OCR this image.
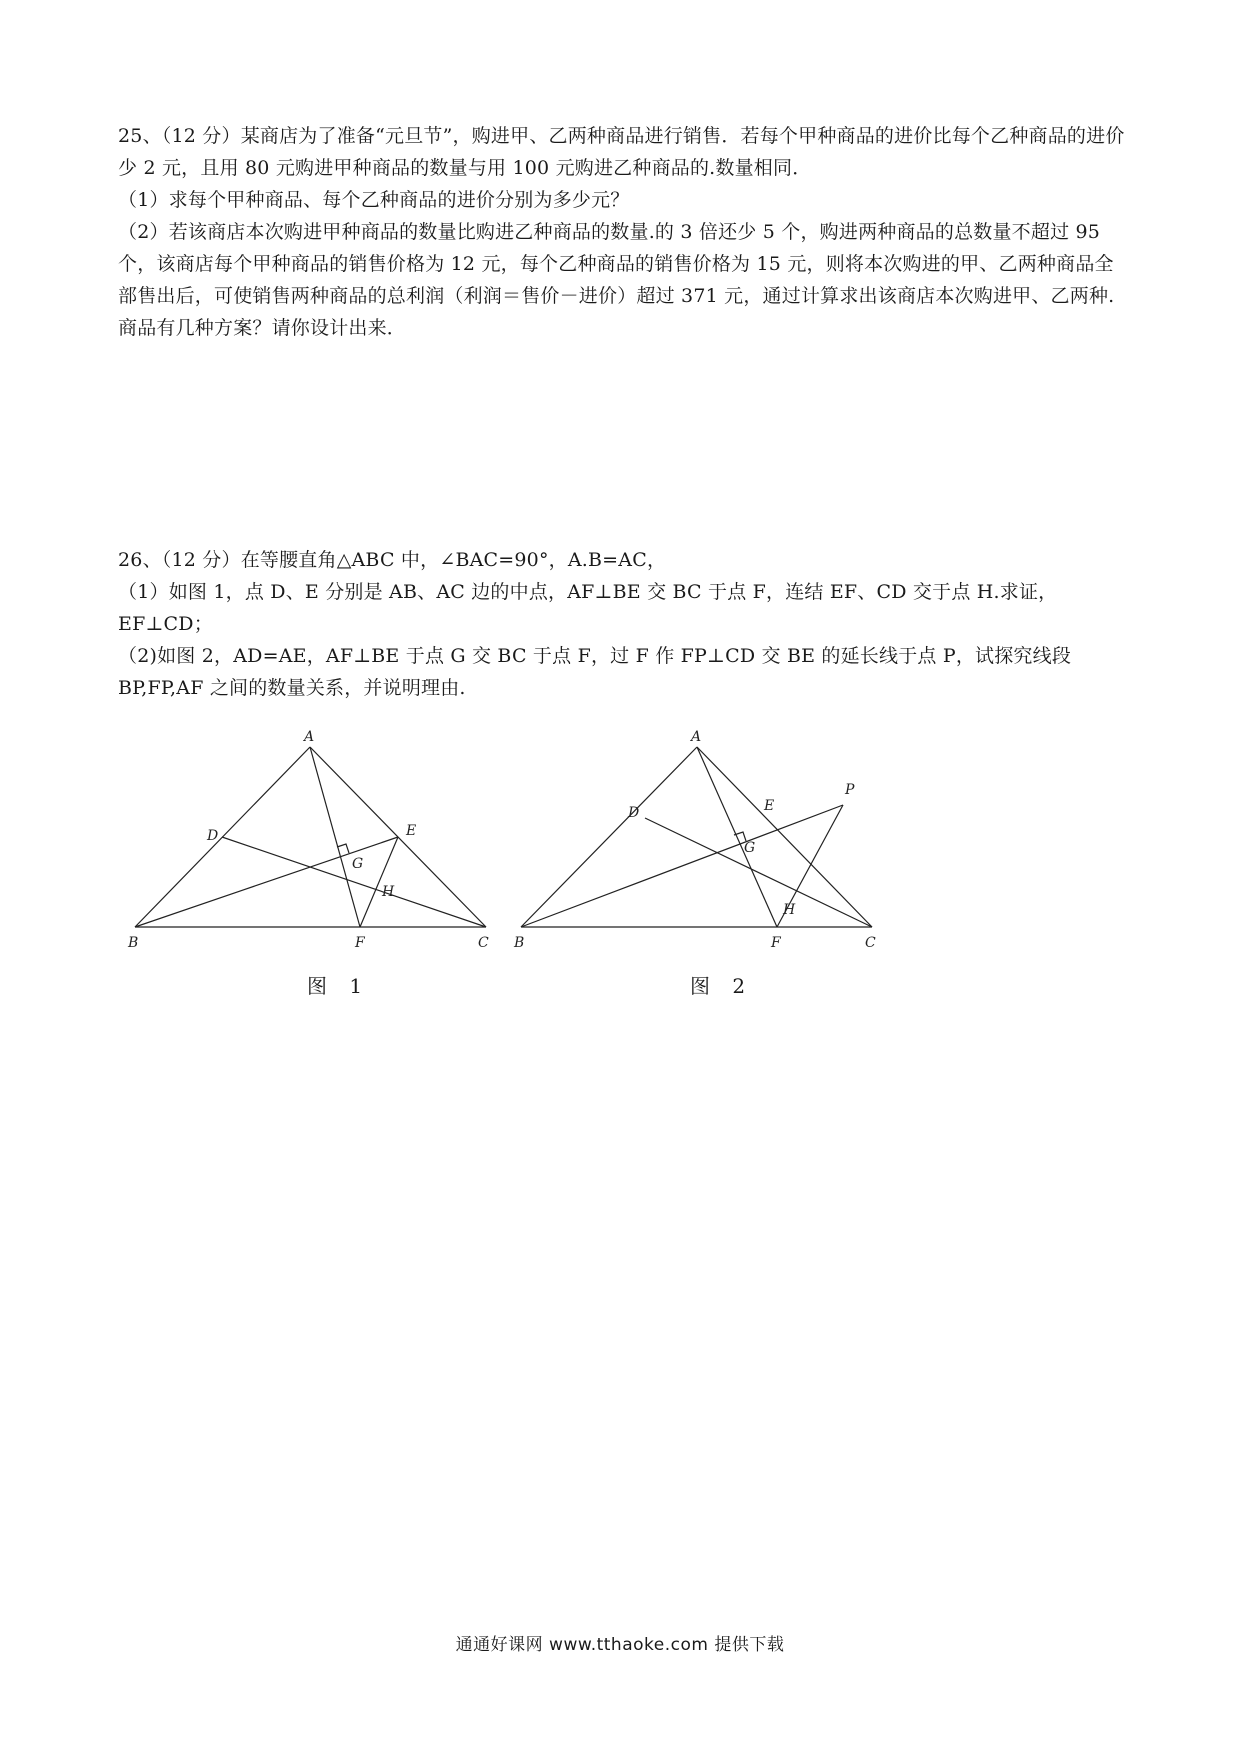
25、（12 分）某商店为了准备“元旦节”，购进甲、乙两种商品进行销售．若每个甲种商品的进价比每个乙种商品的进价少 2 元，且用 80 元购进甲种商品的数量与用 100 元购进乙种商品的.数量相同．

（1）求每个甲种商品、每个乙种商品的进价分别为多少元？

（2）若该商店本次购进甲种商品的数量比购进乙种商品的数量.的 3 倍还少 5 个，购进两种商品的总数量不超过 95 个，该商店每个甲种商品的销售价格为 12 元，每个乙种商品的销售价格为 15 元，则将本次购进的甲、乙两种商品全部售出后，可使销售两种商品的总利润（利润＝售价－进价）超过 371 元，通过计算求出该商店本次购进甲、乙两种.商品有几种方案？请你设计出来．

26、（12 分）在等腰直角△ABC 中，∠BAC=90°，A.B=AC，

（1）如图 1，点 D、E 分别是 AB、AC 边的中点，AF⊥BE 交 BC 于点 F，连结 EF、CD 交于点 H.求证，EF⊥CD；

（2)如图 2，AD=AE，AF⊥BE 于点 G 交 BC 于点 F，过 F 作 FP⊥CD 交 BE 的延长线于点 P，试探究线段 BP,FP,AF 之间的数量关系，并说明理由.

A
B	C
D	E
F
G
H
A
B	C
D	E
F
G
H
P
图 1	图 2
通通好课网 www.tthaoke.com 提供下载
